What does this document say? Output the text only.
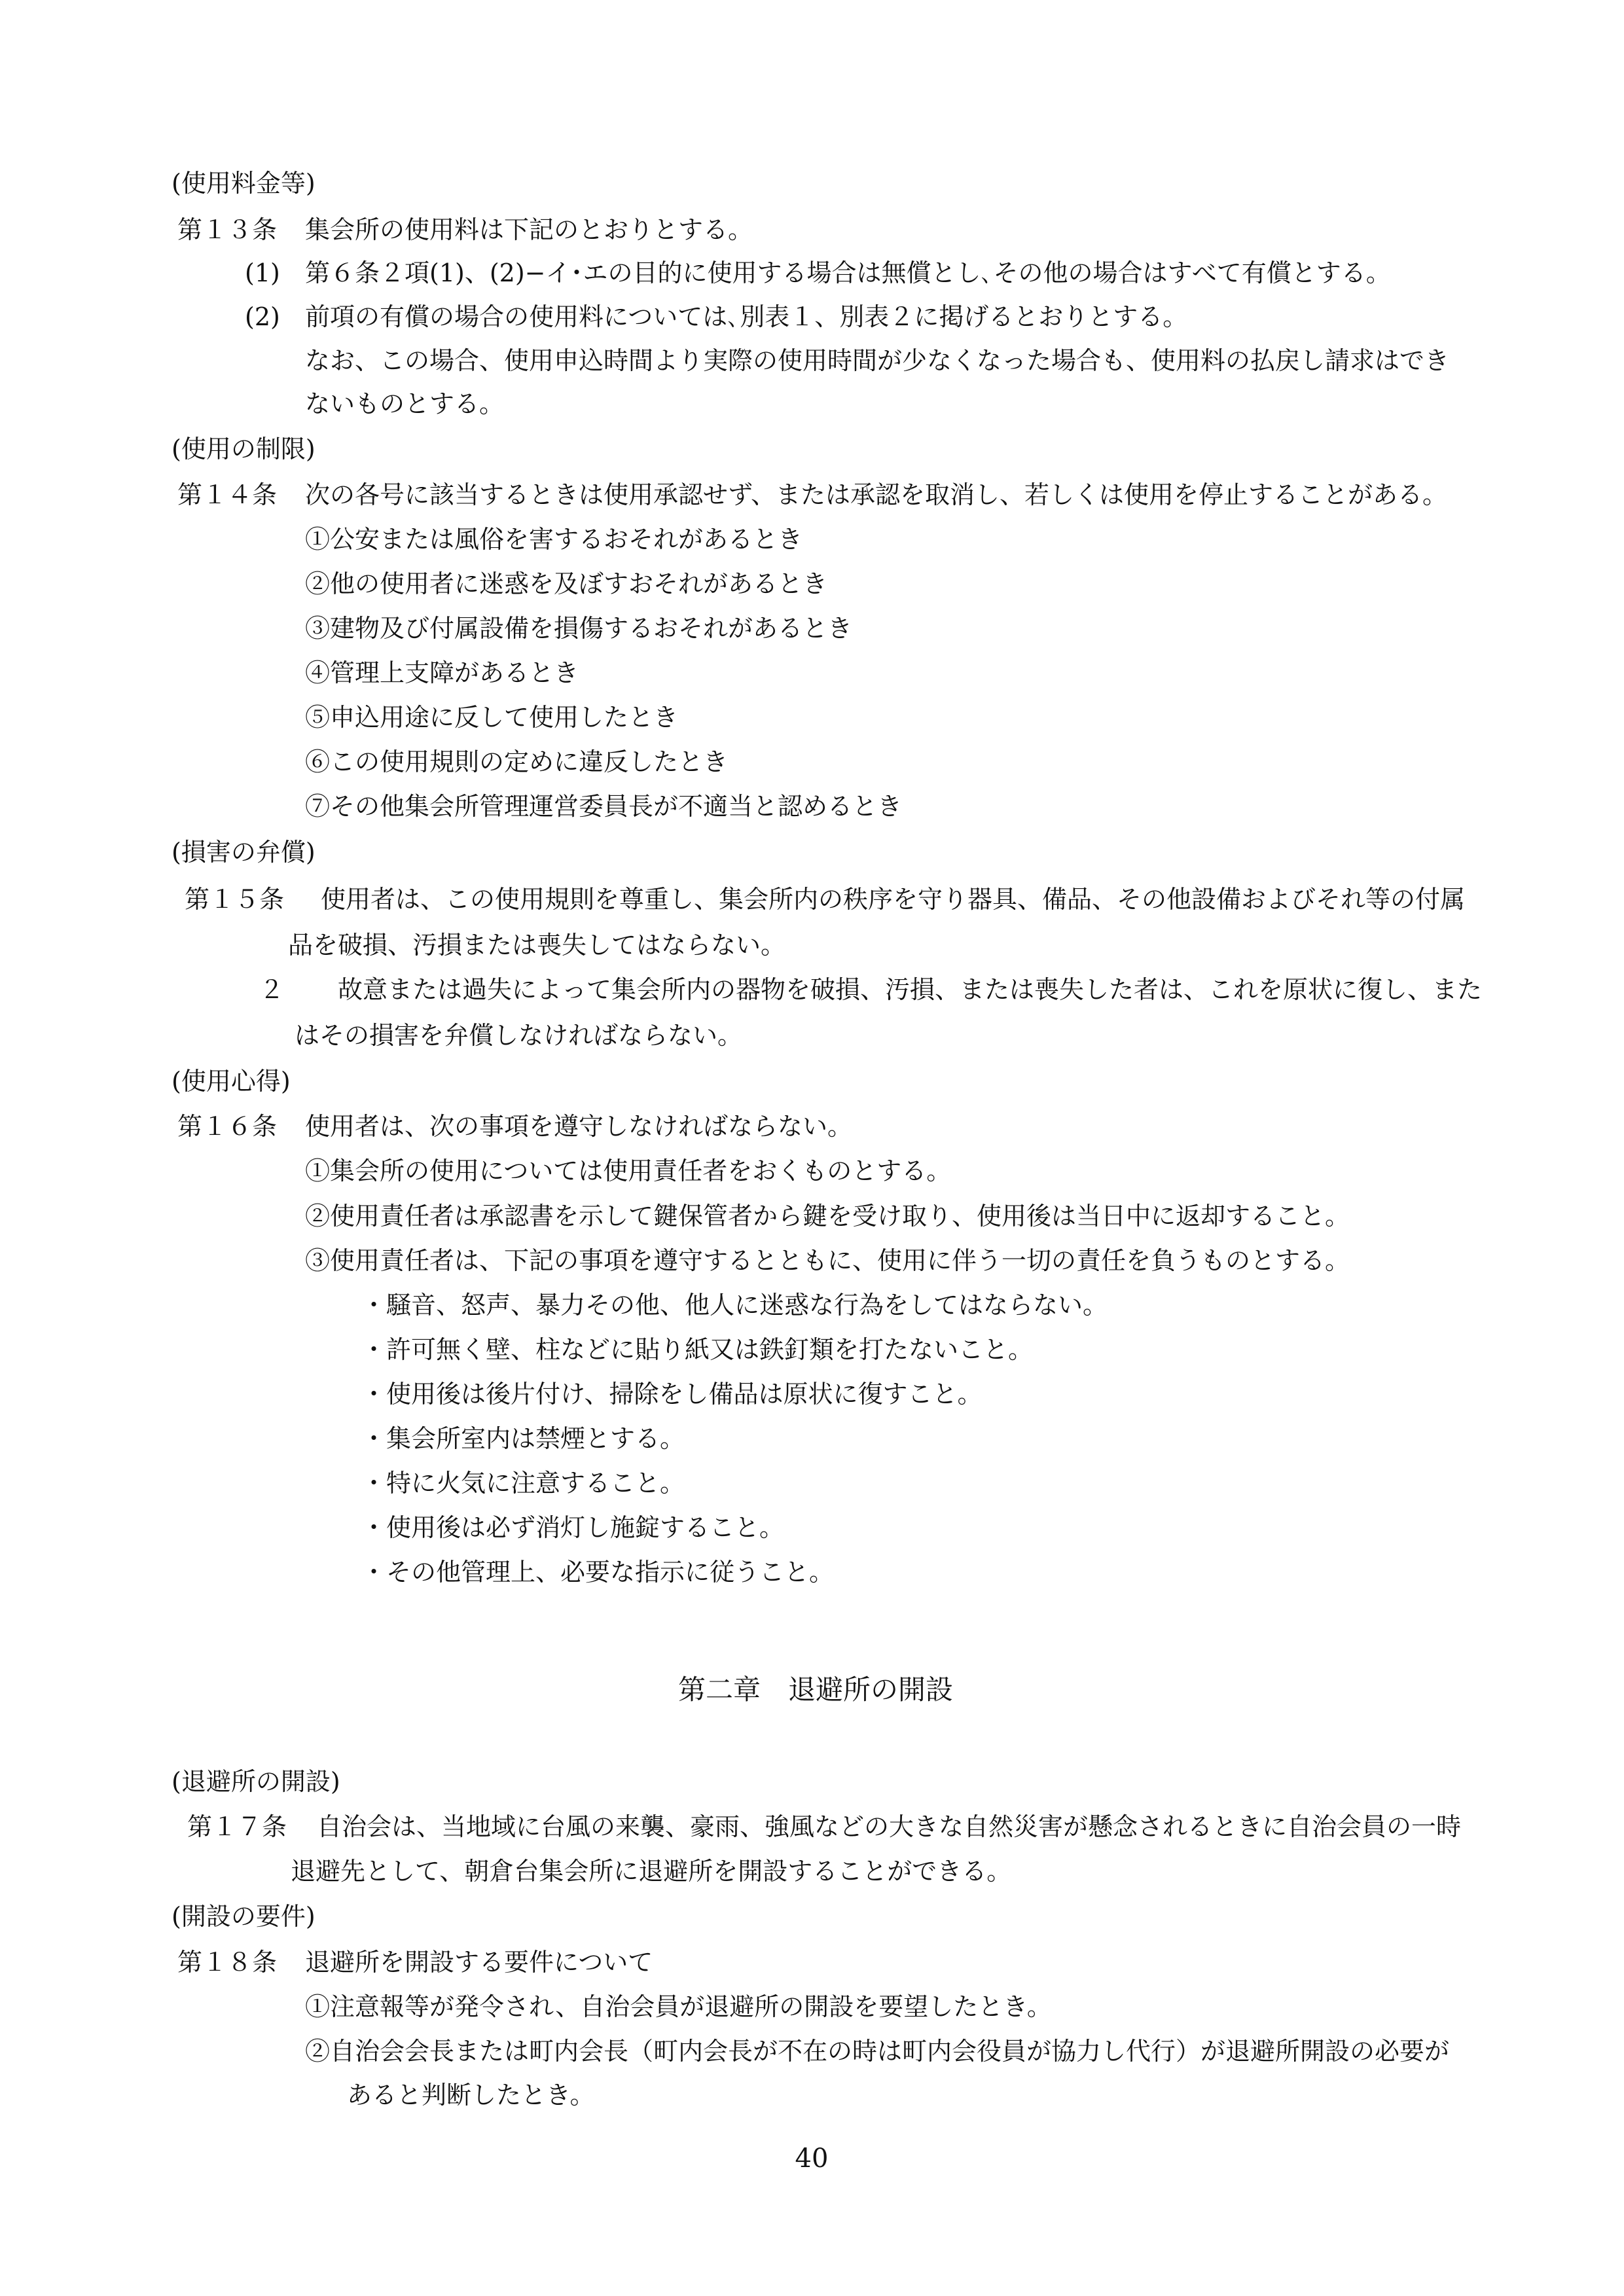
(使用料金等)
第１３条 集会所の使用料は下記のとおりとする。
(1) 第６条２項(1)、(2)−イ･エの目的に使用する場合は無償とし､その他の場合はすべて有償とする。
(2) 前項の有償の場合の使用料については､別表１、別表２に掲げるとおりとする。
なお、この場合、使用申込時間より実際の使用時間が少なくなった場合も、使用料の払戻し請求はでき
ないものとする。
(使用の制限)
第１４条 次の各号に該当するときは使用承認せず、または承認を取消し、若しくは使用を停止することがある。
①公安または風俗を害するおそれがあるとき
②他の使用者に迷惑を及ぼすおそれがあるとき
③建物及び付属設備を損傷するおそれがあるとき
④管理上支障があるとき
⑤申込用途に反して使用したとき
⑥この使用規則の定めに違反したとき
⑦その他集会所管理運営委員長が不適当と認めるとき
(損害の弁償)
第１５条 使用者は、この使用規則を尊重し、集会所内の秩序を守り器具、備品、その他設備およびそれ等の付属
品を破損、汚損または喪失してはならない。
２ 故意または過失によって集会所内の器物を破損、汚損、または喪失した者は、これを原状に復し、また
はその損害を弁償しなければならない。
(使用心得)
第１６条 使用者は、次の事項を遵守しなければならない。
①集会所の使用については使用責任者をおくものとする。
②使用責任者は承認書を示して鍵保管者から鍵を受け取り、使用後は当日中に返却すること。
③使用責任者は、下記の事項を遵守するとともに、使用に伴う一切の責任を負うものとする。
・騒音、怒声、暴力その他、他人に迷惑な行為をしてはならない。
・許可無く壁、柱などに貼り紙又は鉄釘類を打たないこと。
・使用後は後片付け、掃除をし備品は原状に復すこと。
・集会所室内は禁煙とする。
・特に火気に注意すること。
・使用後は必ず消灯し施錠すること。
・その他管理上、必要な指示に従うこと。
第二章　退避所の開設
(退避所の開設)
第１７条 自治会は、当地域に台風の来襲、豪雨、強風などの大きな自然災害が懸念されるときに自治会員の一時
退避先として、朝倉台集会所に退避所を開設することができる。
(開設の要件)
第１８条 退避所を開設する要件について
①注意報等が発令され、自治会員が退避所の開設を要望したとき。
②自治会会長または町内会長（町内会長が不在の時は町内会役員が協力し代行）が退避所開設の必要が
あると判断したとき。
40
